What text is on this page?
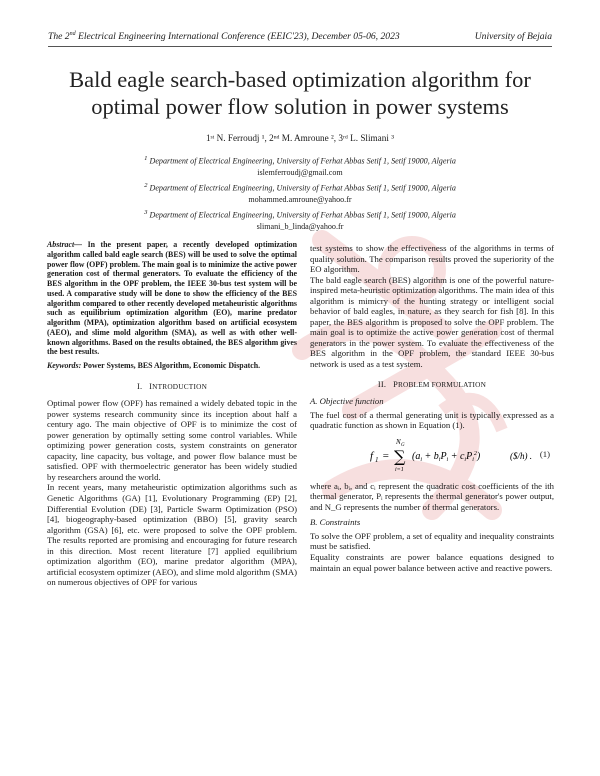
The 2nd Electrical Engineering International Conference (EEIC'23), December 05-06, 2023	University of Bejaia
Bald eagle search-based optimization algorithm for optimal power flow solution in power systems
1ˢᵗ N. Ferroudj ¹, 2ⁿᵈ M. Amroune ², 3ʳᵈ L. Slimani ³
$^1$ Department of Electrical Engineering, University of Ferhat Abbas Setif 1, Setif 19000, Algeria
islemferroudj@gmail.com
$^2$ Department of Electrical Engineering, University of Ferhat Abbas Setif 1, Setif 19000, Algeria
mohammed.amroune@yahoo.fr
$^3$ Department of Electrical Engineering, University of Ferhat Abbas Setif 1, Setif 19000, Algeria
slimani_b_linda@yahoo.fr

Abstract— In the present paper, a recently developed optimization algorithm called bald eagle search (BES) will be used to solve the optimal power flow (OPF) problem. The main goal is to minimize the active power generation cost of thermal generators. To evaluate the efficiency of the BES algorithm in the OPF problem, the IEEE 30-bus test system will be used. A comparative study will be done to show the efficiency of the BES algorithm compared to other recently developed metaheuristic algorithms such as equilibrium optimization algorithm (EO), marine predator algorithm (MPA), optimization algorithm based on artificial ecosystem (AEO), and slime mold algorithm (SMA), as well as with other well-known algorithms. Based on the results obtained, the BES algorithm gives the best results.

Keywords: Power Systems, BES Algorithm, Economic Dispatch.

I. INTRODUCTION

Optimal power flow (OPF) has remained a widely debated topic in the power systems research community since its inception about half a century ago. The main objective of OPF is to minimize the cost of power generation by optimally setting some control variables. While optimizing power generation costs, system constraints on generator capacity, line capacity, bus voltage, and power flow balance must be satisfied. OPF with thermoelectric generator has been widely studied by researchers around the world.

In recent years, many metaheuristic optimization algorithms such as Genetic Algorithms (GA) [1], Evolutionary Programming (EP) [2], Differential Evolution (DE) [3], Particle Swarm Optimization (PSO) [4], biogeography-based optimization (BBO) [5], gravity search algorithm (GSA) [6], etc. were proposed to solve the OPF problem. The results reported are promising and encouraging for future research in this direction. Most recent literature [7] applied equilibrium optimization algorithm (EO), marine predator algorithm (MPA), artificial ecosystem optimizer (AEO), and slime mold algorithm (SMA) on numerous objectives of OPF for various

test systems to show the effectiveness of the algorithms in terms of quality solution. The comparison results proved the superiority of the EO algorithm.

The bald eagle search (BES) algorithm is one of the powerful nature-inspired meta-heuristic optimization algorithms. The main idea of this algorithm is mimicry of the hunting strategy or intelligent social behavior of bald eagles, in nature, as they search for fish [8]. In this paper, the BES algorithm is proposed to solve the OPF problem. The main goal is to optimize the active power generation cost of thermal generators in the power system. To evaluate the effectiveness of the BES algorithm in the OPF problem, the standard IEEE 30-bus network is used as a test system.

II. PROBLEM FORMULATION
A. Objective function

The fuel cost of a thermal generating unit is typically expressed as a quadratic function as shown in Equation (1).

f 1 =
N G
∑
i=1
$(a_i + b_iP_i + c_iP_i^2)$	($/h) . (1)

where aᵢ, bᵢ, and cᵢ represent the quadratic cost coefficients of the ith thermal generator, Pᵢ represents the thermal generator's power output, and N_G represents the number of thermal generators.

B. Constraints

To solve the OPF problem, a set of equality and inequality constraints must be satisfied.

Equality constraints are power balance equations designed to maintain an equal power balance between active and reactive powers.
